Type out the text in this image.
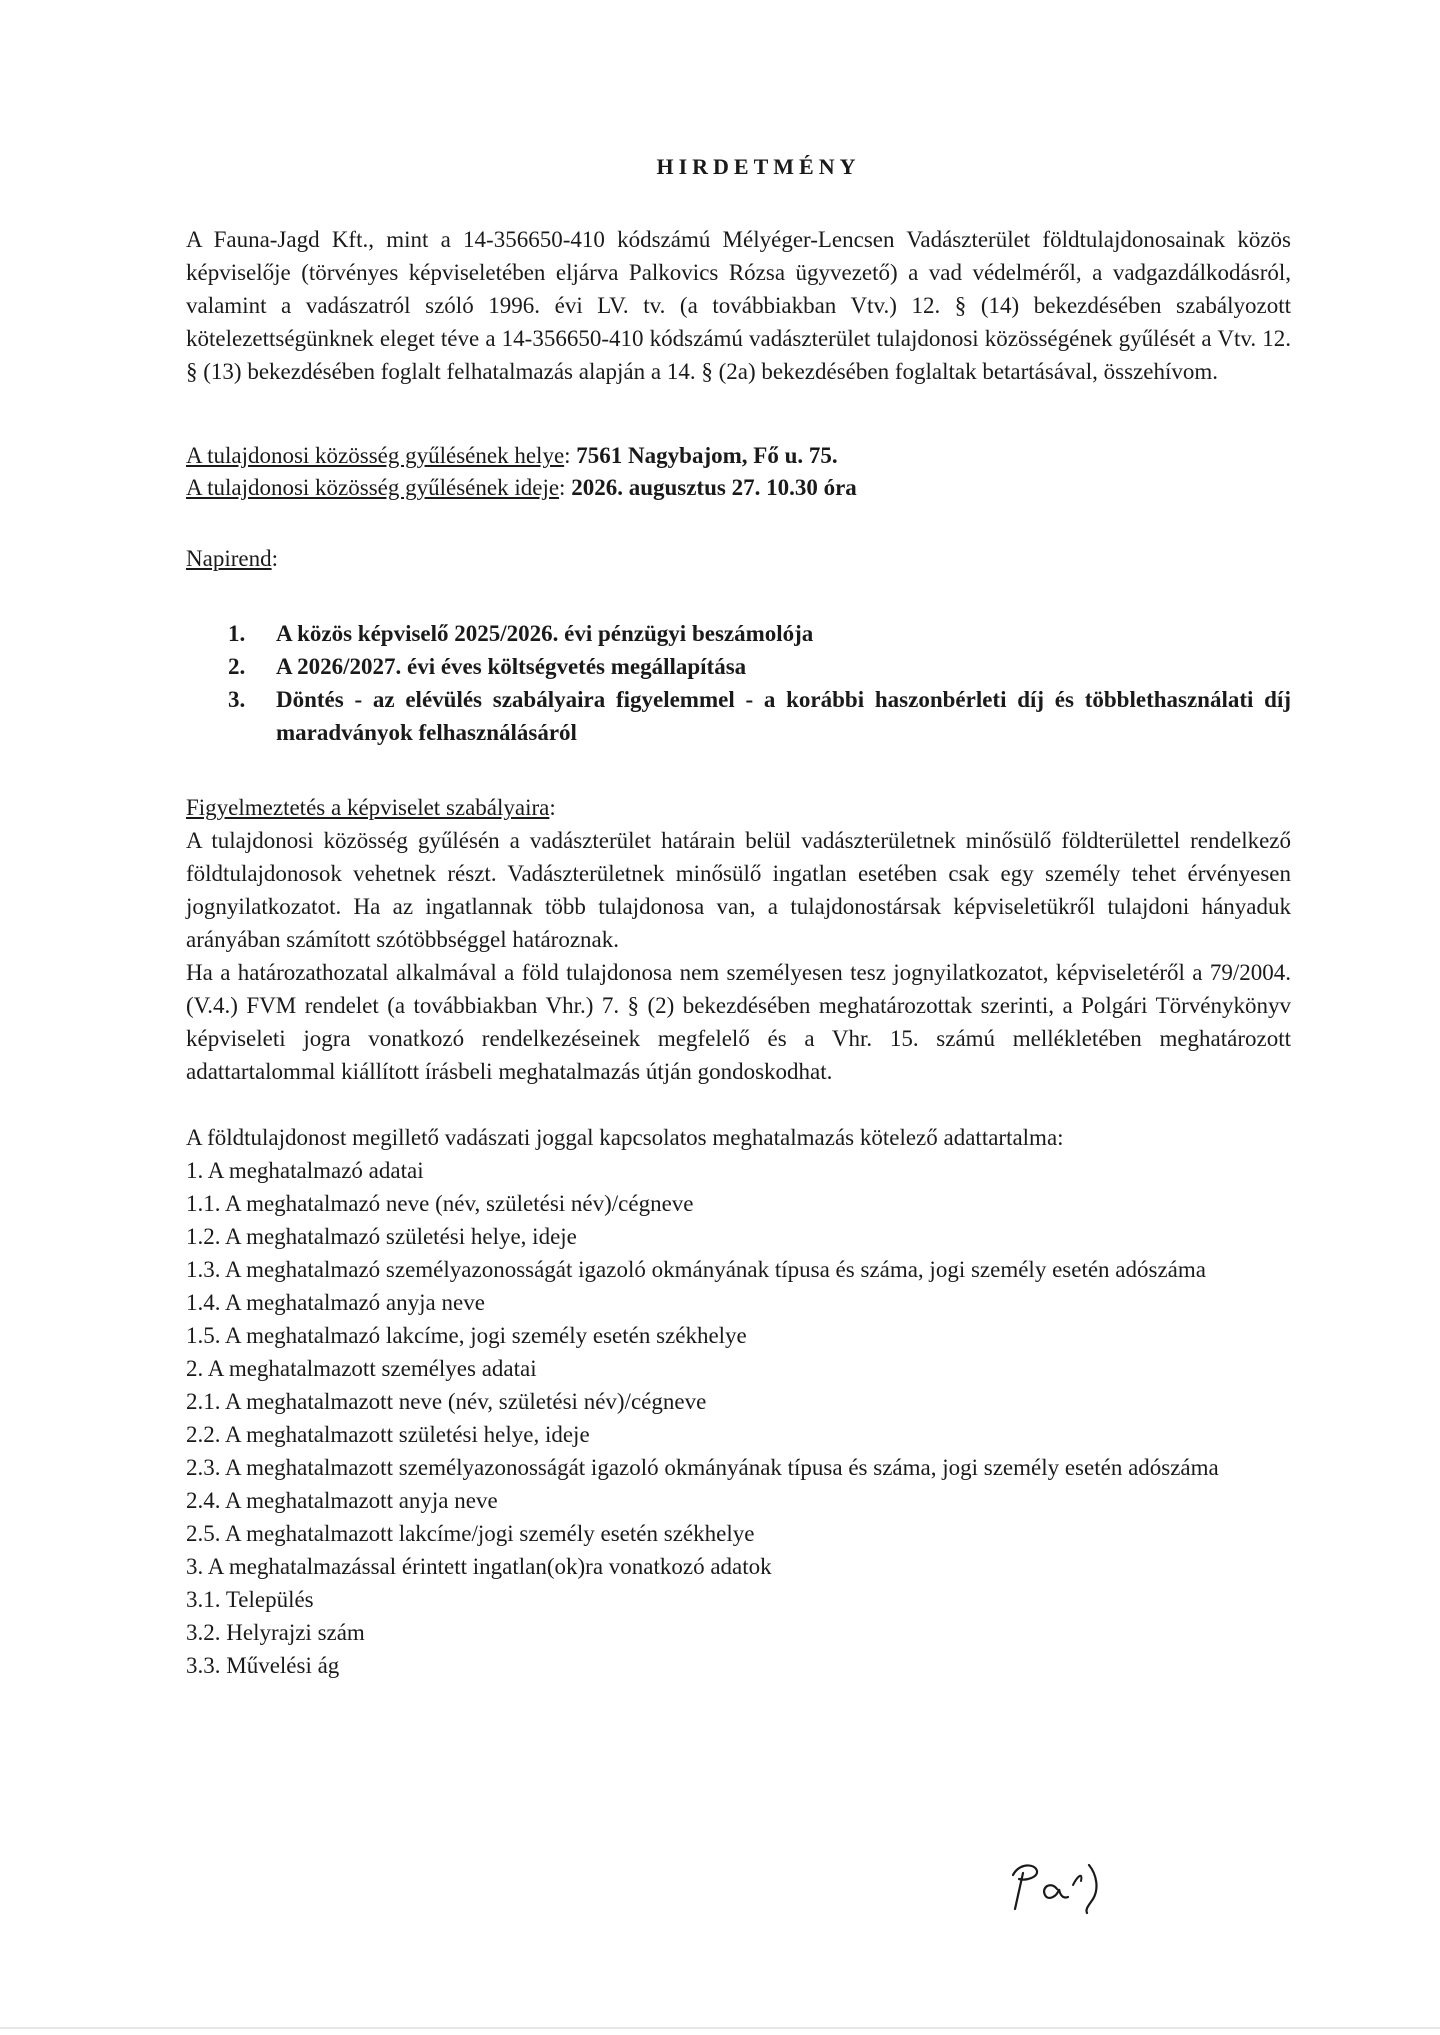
HIRDETMÉNY

A Fauna-Jagd Kft., mint a 14-356650-410 kódszámú Mélyéger-Lencsen Vadászterület földtulajdonosainak közös képviselője (törvényes képviseletében eljárva Palkovics Rózsa ügyvezető) a vad védelméről, a vadgazdálkodásról, valamint a vadászatról szóló 1996. évi LV. tv. (a továbbiakban Vtv.) 12. § (14) bekezdésében szabályozott kötelezettségünknek eleget téve a 14-356650-410 kódszámú vadászterület tulajdonosi közösségének gyűlését a Vtv. 12. § (13) bekezdésében foglalt felhatalmazás alapján a 14. § (2a) bekezdésében foglaltak betartásával, összehívom.

A tulajdonosi közösség gyűlésének helye: 7561 Nagybajom, Fő u. 75.

A tulajdonosi közösség gyűlésének ideje: 2026. augusztus 27. 10.30 óra

Napirend:
1.	A közös képviselő 2025/2026. évi pénzügyi beszámolója
2.	A 2026/2027. évi éves költségvetés megállapítása
3.	Döntés - az elévülés szabályaira figyelemmel - a korábbi haszonbérleti díj és többlethasználati díj maradványok felhasználásáról
Figyelmeztetés a képviselet szabályaira:

A tulajdonosi közösség gyűlésén a vadászterület határain belül vadászterületnek minősülő földterülettel rendelkező földtulajdonosok vehetnek részt. Vadászterületnek minősülő ingatlan esetében csak egy személy tehet érvényesen jognyilatkozatot. Ha az ingatlannak több tulajdonosa van, a tulajdonostársak képviseletükről tulajdoni hányaduk arányában számított szótöbbséggel határoznak.

Ha a határozathozatal alkalmával a föld tulajdonosa nem személyesen tesz jognyilatkozatot, képviseletéről a 79/2004. (V.4.) FVM rendelet (a továbbiakban Vhr.) 7. § (2) bekezdésében meghatározottak szerinti, a Polgári Törvénykönyv képviseleti jogra vonatkozó rendelkezéseinek megfelelő és a Vhr. 15. számú mellékletében meghatározott adattartalommal kiállított írásbeli meghatalmazás útján gondoskodhat.

A földtulajdonost megillető vadászati joggal kapcsolatos meghatalmazás kötelező adattartalma:

1. A meghatalmazó adatai
1.1. A meghatalmazó neve (név, születési név)/cégneve
1.2. A meghatalmazó születési helye, ideje
1.3. A meghatalmazó személyazonosságát igazoló okmányának típusa és száma, jogi személy esetén adószáma
1.4. A meghatalmazó anyja neve
1.5. A meghatalmazó lakcíme, jogi személy esetén székhelye
2. A meghatalmazott személyes adatai
2.1. A meghatalmazott neve (név, születési név)/cégneve
2.2. A meghatalmazott születési helye, ideje
2.3. A meghatalmazott személyazonosságát igazoló okmányának típusa és száma, jogi személy esetén adószáma
2.4. A meghatalmazott anyja neve
2.5. A meghatalmazott lakcíme/jogi személy esetén székhelye
3. A meghatalmazással érintett ingatlan(ok)ra vonatkozó adatok
3.1. Település
3.2. Helyrajzi szám
3.3. Művelési ág
